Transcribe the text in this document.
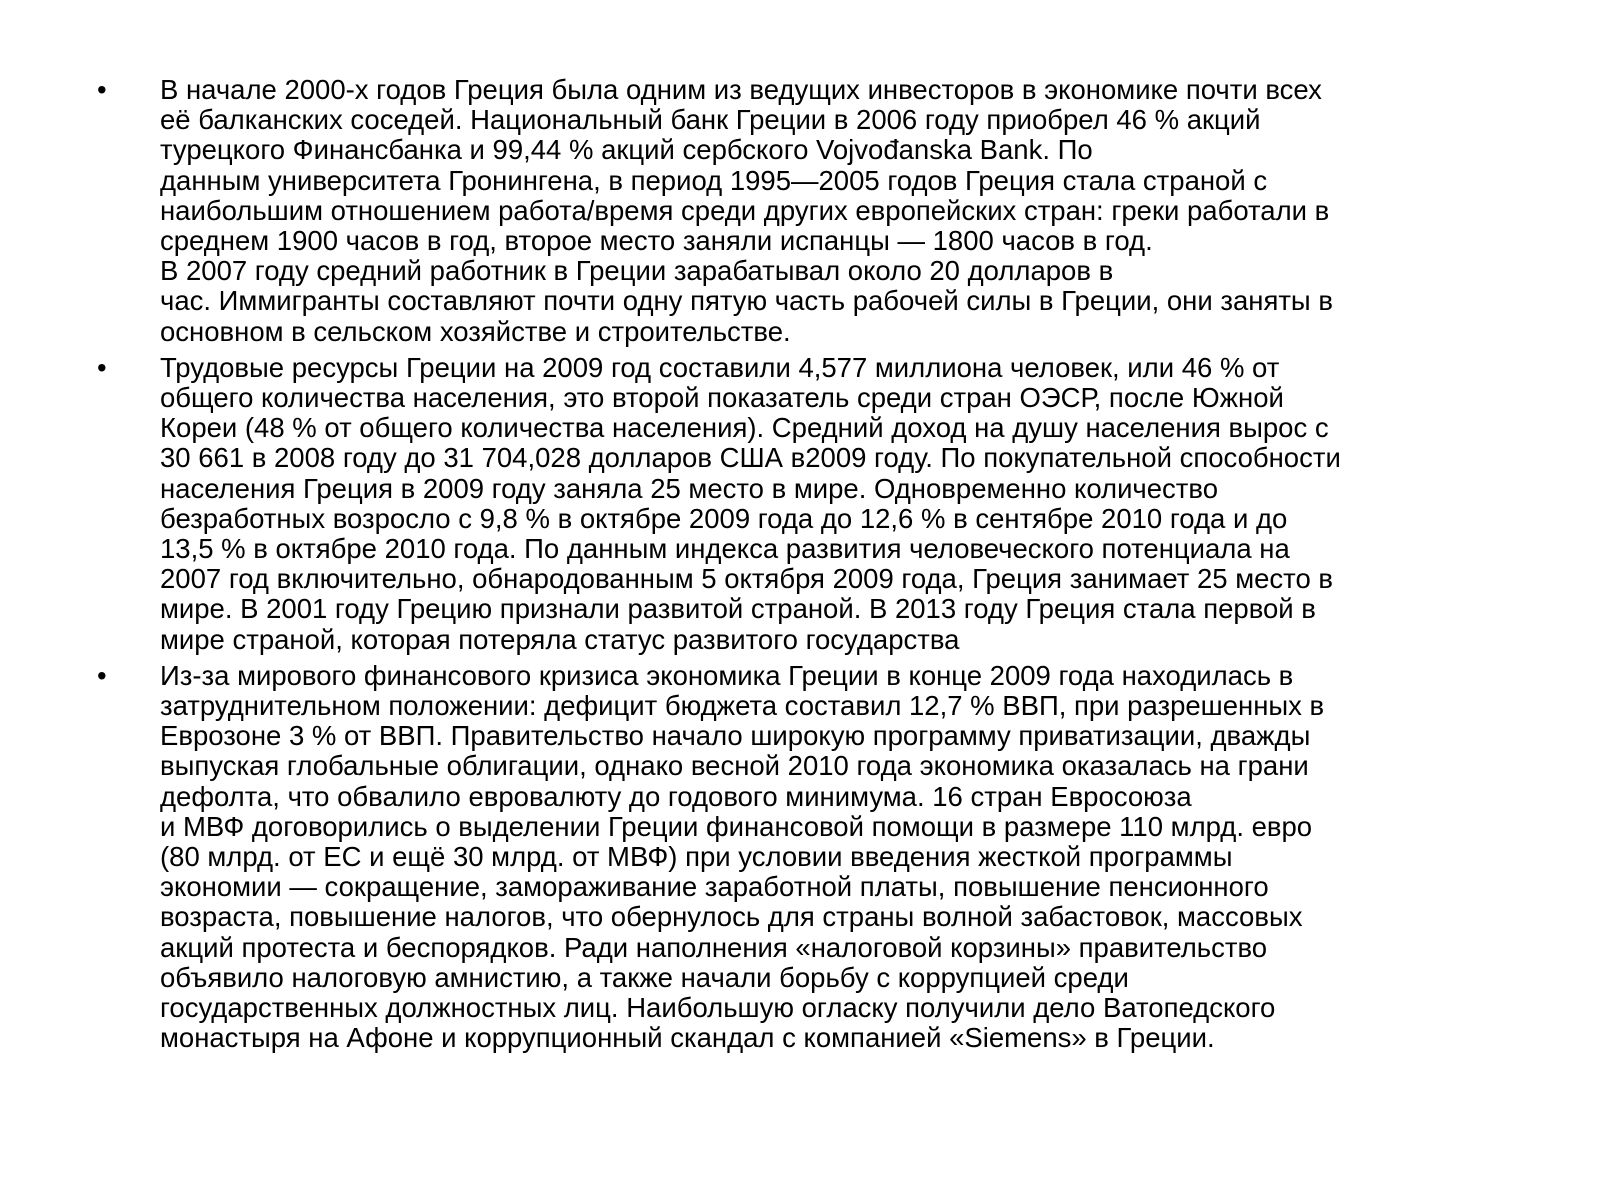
• В начале 2000-х годов Греция была одним из ведущих инвесторов в экономике почти всех
её балканских соседей. Национальный банк Греции в 2006 году приобрел 46 % акций
турецкого Финансбанка и 99,44 % акций сербского Vojvođanska Bank. По
данным университета Гронингена, в период 1995—2005 годов Греция стала страной с
наибольшим отношением работа/время среди других европейских стран: греки работали в
среднем 1900 часов в год, второе место заняли испанцы — 1800 часов в год.
В 2007 году средний работник в Греции зарабатывал около 20 долларов в
час. Иммигранты составляют почти одну пятую часть рабочей силы в Греции, они заняты в
основном в сельском хозяйстве и строительстве.
• Трудовые ресурсы Греции на 2009 год составили 4,577 миллиона человек, или 46 % от
общего количества населения, это второй показатель среди стран ОЭСР, после Южной
Кореи (48 % от общего количества населения). Средний доход на душу населения вырос с
30 661 в 2008 году до 31 704,028 долларов США в2009 году. По покупательной способности
населения Греция в 2009 году заняла 25 место в мире. Одновременно количество
безработных возросло с 9,8 % в октябре 2009 года до 12,6 % в сентябре 2010 года и до
13,5 % в октябре 2010 года. По данным индекса развития человеческого потенциала на
2007 год включительно, обнародованным 5 октября 2009 года, Греция занимает 25 место в
мире. В 2001 году Грецию признали развитой страной. В 2013 году Греция стала первой в
мире страной, которая потеряла статус развитого государства
• Из-за мирового финансового кризиса экономика Греции в конце 2009 года находилась в
затруднительном положении: дефицит бюджета составил 12,7 % ВВП, при разрешенных в
Еврозоне 3 % от ВВП. Правительство начало широкую программу приватизации, дважды
выпуская глобальные облигации, однако весной 2010 года экономика оказалась на грани
дефолта, что обвалило евровалюту до годового минимума. 16 стран Евросоюза
и МВФ договорились о выделении Греции финансовой помощи в размере 110 млрд. евро
(80 млрд. от ЕС и ещё 30 млрд. от МВФ) при условии введения жесткой программы
экономии — сокращение, замораживание заработной платы, повышение пенсионного
возраста, повышение налогов, что обернулось для страны волной забастовок, массовых
акций протеста и беспорядков. Ради наполнения «налоговой корзины» правительство
объявило налоговую амнистию, а также начали борьбу с коррупцией среди
государственных должностных лиц. Наибольшую огласку получили дело Ватопедского
монастыря на Афоне и коррупционный скандал с компанией «Siemens» в Греции.
